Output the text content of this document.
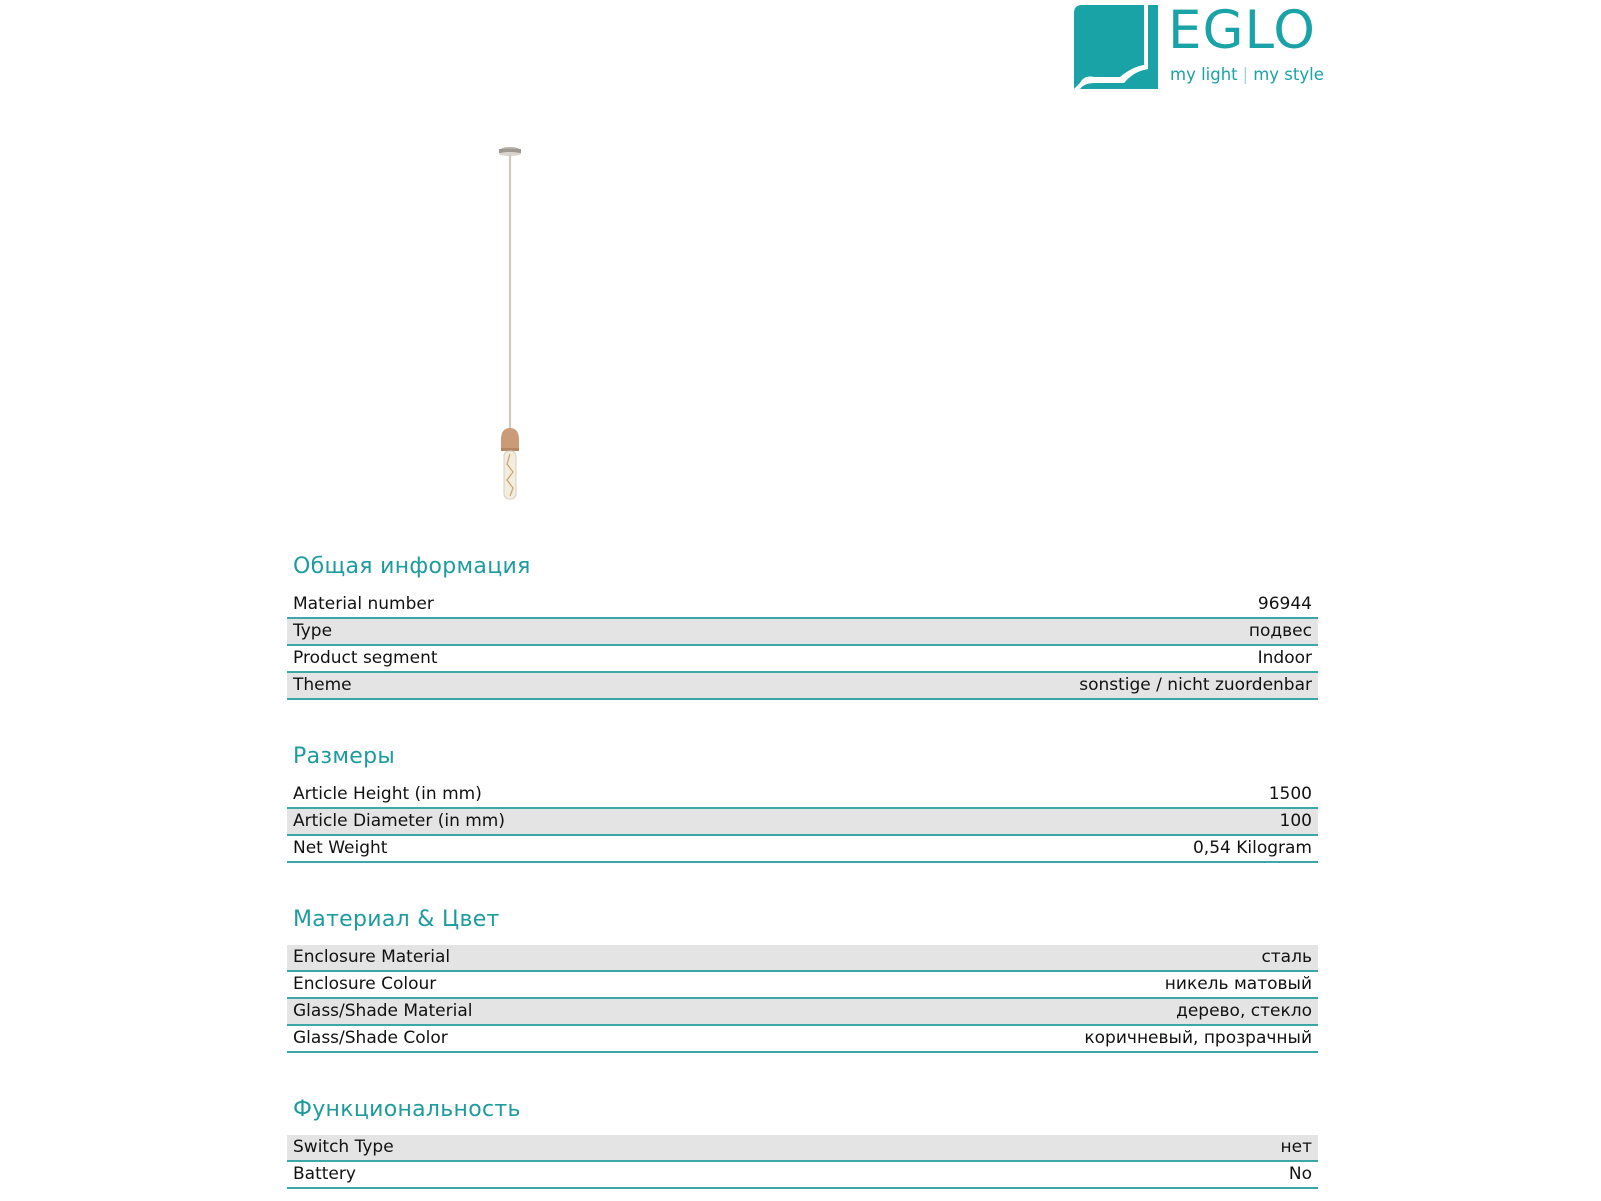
EGLO
my light | my style
Общая информация
Material number	96944
Type	подвес
Product segment	Indoor
Theme	sonstige / nicht zuordenbar
Размеры
Article Height (in mm)	1500
Article Diameter (in mm)	100
Net Weight	0,54 Kilogram
Материал & Цвет
Enclosure Material	сталь
Enclosure Colour	никель матовый
Glass/Shade Material	дерево, стекло
Glass/Shade Color	коричневый, прозрачный
Функциональность
Switch Type	нет
Battery	No
